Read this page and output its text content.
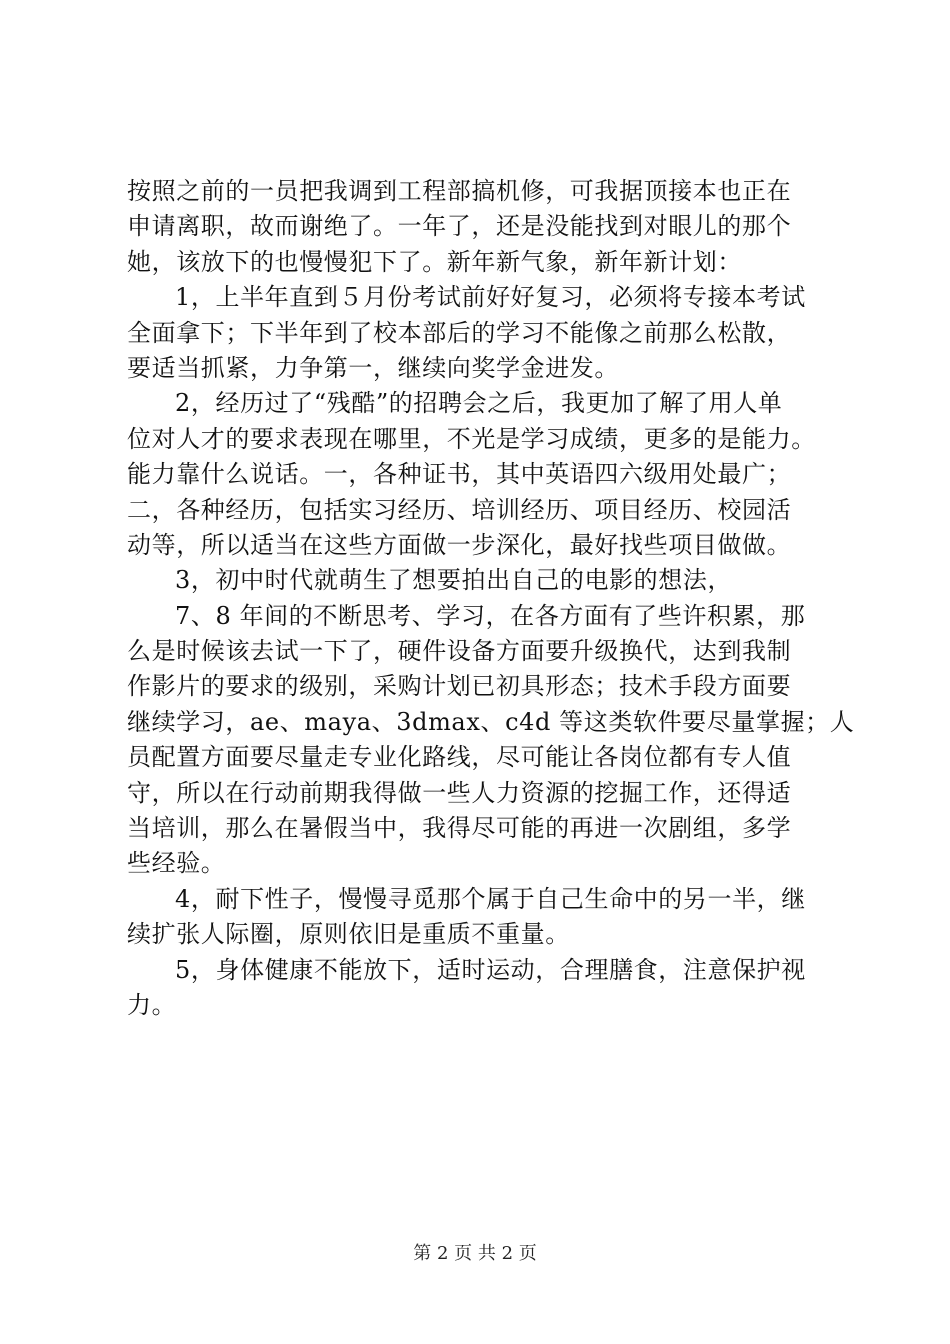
按照之前的一员把我调到工程部搞机修，可我据顶接本也正在
申请离职，故而谢绝了。一年了，还是没能找到对眼儿的那个
她，该放下的也慢慢犯下了。新年新气象，新年新计划：
1，上半年直到５月份考试前好好复习，必须将专接本考试
全面拿下；下半年到了校本部后的学习不能像之前那么松散，
要适当抓紧，力争第一，继续向奖学金进发。
2，经历过了“残酷”的招聘会之后，我更加了解了用人单
位对人才的要求表现在哪里，不光是学习成绩，更多的是能力。
能力靠什么说话。一，各种证书，其中英语四六级用处最广；
二，各种经历，包括实习经历、培训经历、项目经历、校园活
动等，所以适当在这些方面做一步深化，最好找些项目做做。
3，初中时代就萌生了想要拍出自己的电影的想法，
7、8 年间的不断思考、学习，在各方面有了些许积累，那
么是时候该去试一下了，硬件设备方面要升级换代，达到我制
作影片的要求的级别，采购计划已初具形态；技术手段方面要
继续学习，ae、maya、3dmax、c4d 等这类软件要尽量掌握；人
员配置方面要尽量走专业化路线，尽可能让各岗位都有专人值
守，所以在行动前期我得做一些人力资源的挖掘工作，还得适
当培训，那么在暑假当中，我得尽可能的再进一次剧组，多学
些经验。
4，耐下性子，慢慢寻觅那个属于自己生命中的另一半，继
续扩张人际圈，原则依旧是重质不重量。
5，身体健康不能放下，适时运动，合理膳食，注意保护视
力。
第 2 页 共 2 页
